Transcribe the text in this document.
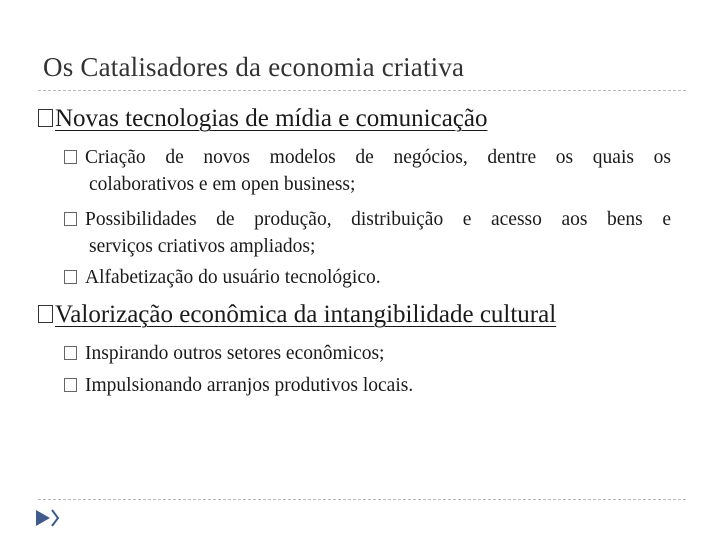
Os Catalisadores da economia criativa
Novas tecnologias de mídia e comunicação
Criação de novos modelos de negócios, dentre os quais os
colaborativos e em open business;
Possibilidades de produção, distribuição e acesso aos bens e
serviços criativos ampliados;
Alfabetização do usuário tecnológico.
Valorização econômica da intangibilidade cultural
Inspirando outros setores econômicos;
Impulsionando arranjos produtivos locais.
